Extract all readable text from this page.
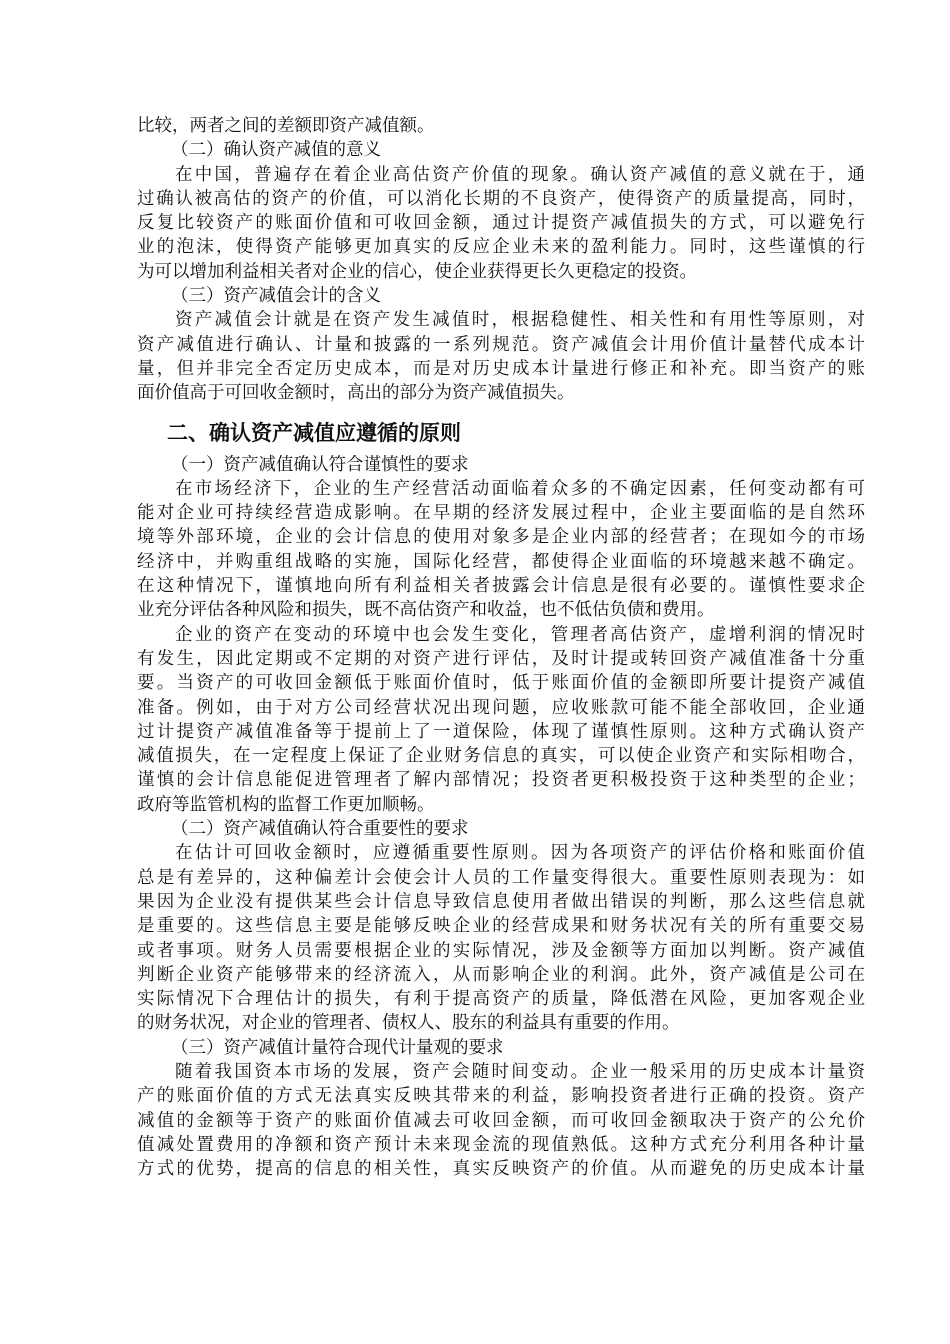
比较，两者之间的差额即资产减值额。
（二）确认资产减值的意义
在中国，普遍存在着企业高估资产价值的现象。确认资产减值的意义就在于，通
过确认被高估的资产的价值，可以消化长期的不良资产，使得资产的质量提高，同时，
反复比较资产的账面价值和可收回金额，通过计提资产减值损失的方式，可以避免行
业的泡沫，使得资产能够更加真实的反应企业未来的盈利能力。同时，这些谨慎的行
为可以增加利益相关者对企业的信心，使企业获得更长久更稳定的投资。
（三）资产减值会计的含义
资产减值会计就是在资产发生减值时，根据稳健性、相关性和有用性等原则，对
资产减值进行确认、计量和披露的一系列规范。资产减值会计用价值计量替代成本计
量，但并非完全否定历史成本，而是对历史成本计量进行修正和补充。即当资产的账
面价值高于可回收金额时，高出的部分为资产减值损失。
二、确认资产减值应遵循的原则
（一）资产减值确认符合谨慎性的要求
在市场经济下，企业的生产经营活动面临着众多的不确定因素，任何变动都有可
能对企业可持续经营造成影响。在早期的经济发展过程中，企业主要面临的是自然环
境等外部环境，企业的会计信息的使用对象多是企业内部的经营者；在现如今的市场
经济中，并购重组战略的实施，国际化经营，都使得企业面临的环境越来越不确定。
在这种情况下，谨慎地向所有利益相关者披露会计信息是很有必要的。谨慎性要求企
业充分评估各种风险和损失，既不高估资产和收益，也不低估负债和费用。
企业的资产在变动的环境中也会发生变化，管理者高估资产，虚增利润的情况时
有发生，因此定期或不定期的对资产进行评估，及时计提或转回资产减值准备十分重
要。当资产的可收回金额低于账面价值时，低于账面价值的金额即所要计提资产减值
准备。例如，由于对方公司经营状况出现问题，应收账款可能不能全部收回，企业通
过计提资产减值准备等于提前上了一道保险，体现了谨慎性原则。这种方式确认资产
减值损失，在一定程度上保证了企业财务信息的真实，可以使企业资产和实际相吻合，
谨慎的会计信息能促进管理者了解内部情况；投资者更积极投资于这种类型的企业；
政府等监管机构的监督工作更加顺畅。
（二）资产减值确认符合重要性的要求
在估计可回收金额时，应遵循重要性原则。因为各项资产的评估价格和账面价值
总是有差异的，这种偏差计会使会计人员的工作量变得很大。重要性原则表现为：如
果因为企业没有提供某些会计信息导致信息使用者做出错误的判断，那么这些信息就
是重要的。这些信息主要是能够反映企业的经营成果和财务状况有关的所有重要交易
或者事项。财务人员需要根据企业的实际情况，涉及金额等方面加以判断。资产减值
判断企业资产能够带来的经济流入，从而影响企业的利润。此外，资产减值是公司在
实际情况下合理估计的损失，有利于提高资产的质量，降低潜在风险，更加客观企业
的财务状况，对企业的管理者、债权人、股东的利益具有重要的作用。
（三）资产减值计量符合现代计量观的要求
随着我国资本市场的发展，资产会随时间变动。企业一般采用的历史成本计量资
产的账面价值的方式无法真实反映其带来的利益，影响投资者进行正确的投资。资产
减值的金额等于资产的账面价值减去可收回金额，而可收回金额取决于资产的公允价
值减处置费用的净额和资产预计未来现金流的现值熟低。这种方式充分利用各种计量
方式的优势，提高的信息的相关性，真实反映资产的价值。从而避免的历史成本计量
